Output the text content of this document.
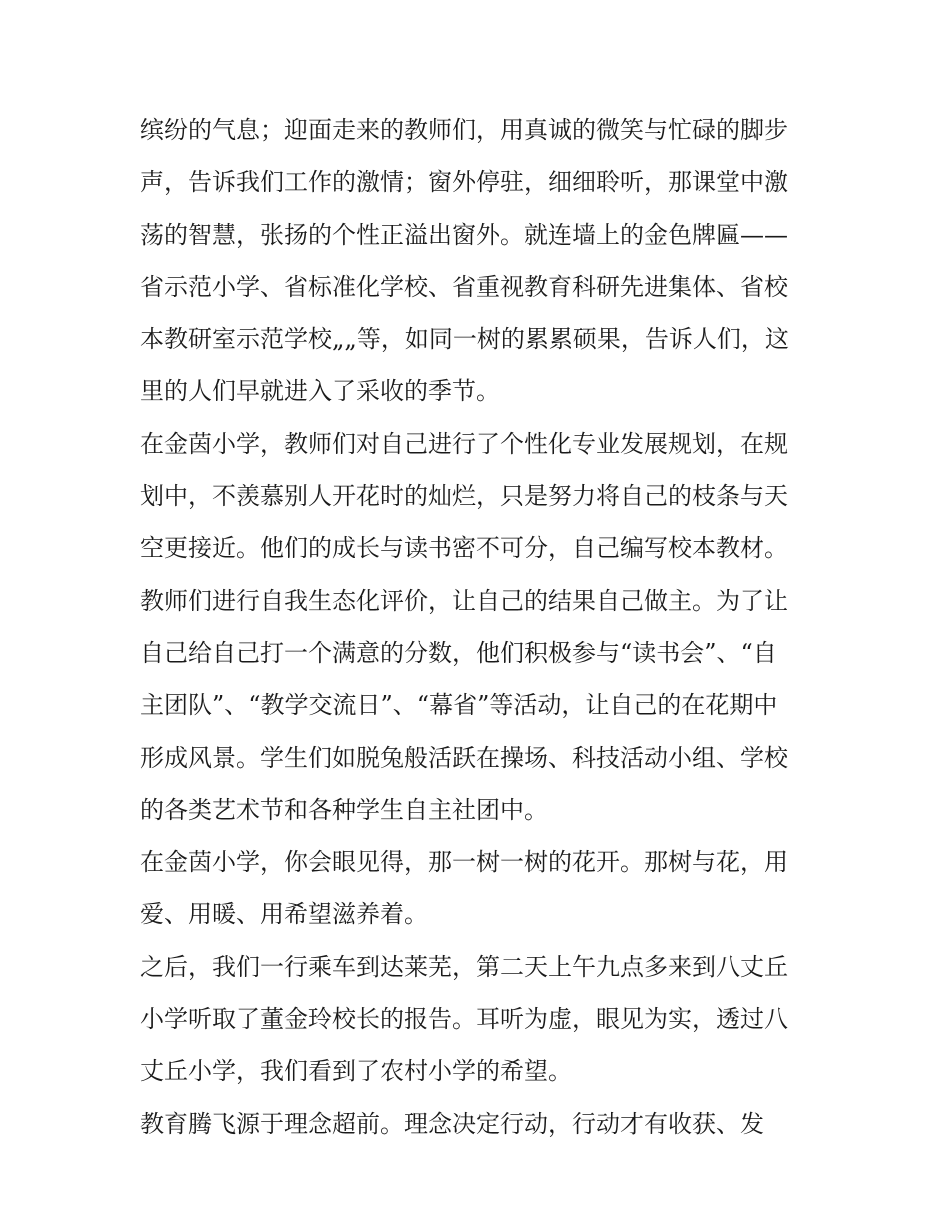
缤纷的气息；迎面走来的教师们，用真诚的微笑与忙碌的脚步
声，告诉我们工作的激情；窗外停驻，细细聆听，那课堂中激
荡的智慧，张扬的个性正溢出窗外。就连墙上的金色牌匾——
省示范小学、省标准化学校、省重视教育科研先进集体、省校
本教研室示范学校„„等，如同一树的累累硕果，告诉人们，这
里的人们早就进入了采收的季节。
在金茵小学，教师们对自己进行了个性化专业发展规划，在规
划中，不羡慕别人开花时的灿烂，只是努力将自己的枝条与天
空更接近。他们的成长与读书密不可分，自己编写校本教材。
教师们进行自我生态化评价，让自己的结果自己做主。为了让
自己给自己打一个满意的分数，他们积极参与“读书会”、“自
主团队”、“教学交流日”、“幕省”等活动，让自己的在花期中
形成风景。学生们如脱兔般活跃在操场、科技活动小组、学校
的各类艺术节和各种学生自主社团中。
在金茵小学，你会眼见得，那一树一树的花开。那树与花，用
爱、用暖、用希望滋养着。
之后，我们一行乘车到达莱芜，第二天上午九点多来到八丈丘
小学听取了董金玲校长的报告。耳听为虚，眼见为实，透过八
丈丘小学，我们看到了农村小学的希望。
教育腾飞源于理念超前。理念决定行动，行动才有收获、发
